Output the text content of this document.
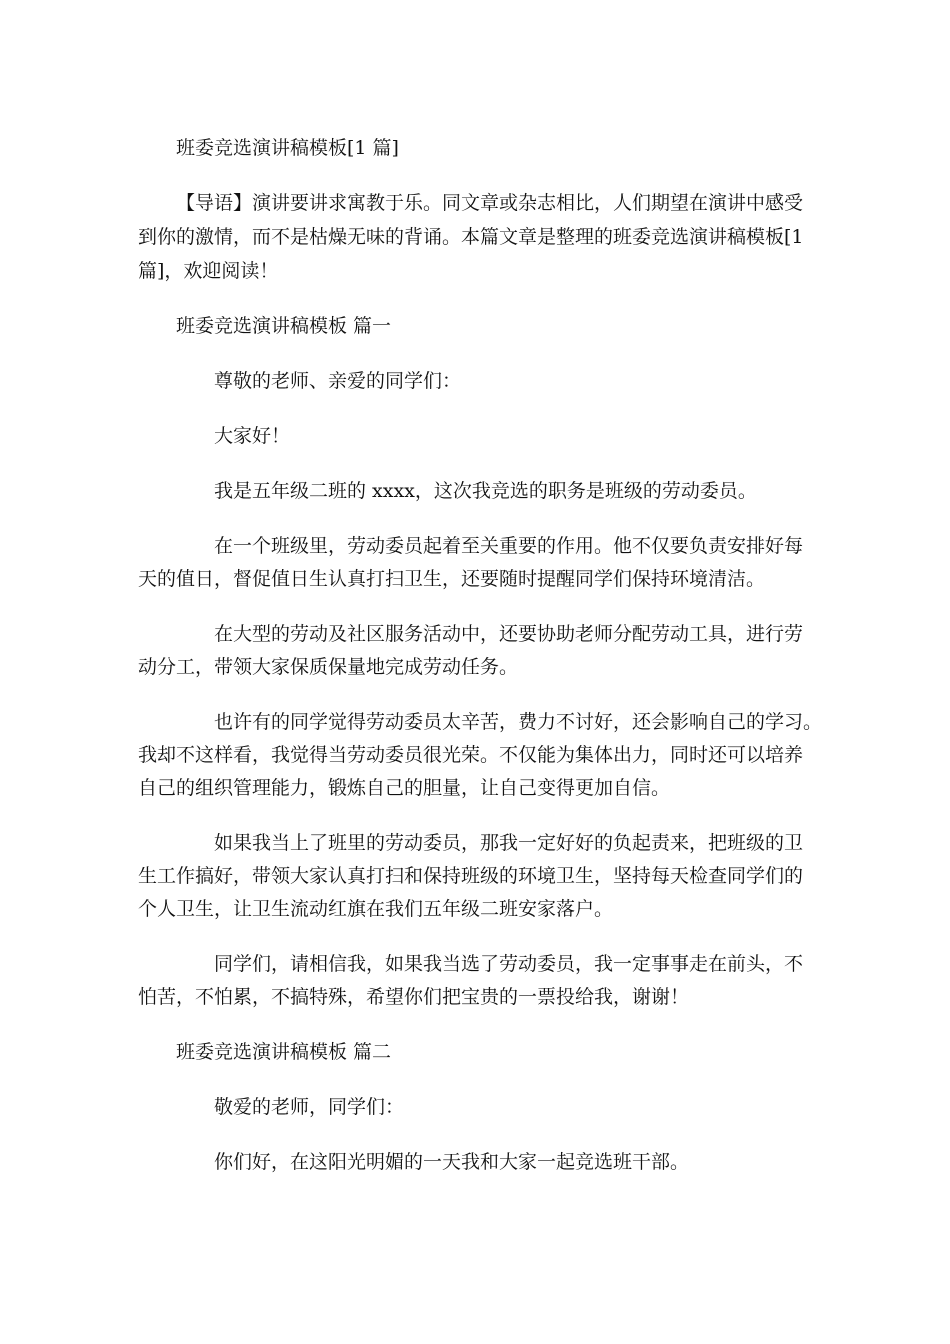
班委竞选演讲稿模板[1 篇]

【导语】演讲要讲求寓教于乐。同文章或杂志相比，人们期望在演讲中感受

到你的激情，而不是枯燥无味的背诵。本篇文章是整理的班委竞选演讲稿模板[1

篇]，欢迎阅读！

班委竞选演讲稿模板 篇一

尊敬的老师、亲爱的同学们：

大家好！

我是五年级二班的 xxxx，这次我竞选的职务是班级的劳动委员。

在一个班级里，劳动委员起着至关重要的作用。他不仅要负责安排好每

天的值日，督促值日生认真打扫卫生，还要随时提醒同学们保持环境清洁。

在大型的劳动及社区服务活动中，还要协助老师分配劳动工具，进行劳

动分工，带领大家保质保量地完成劳动任务。

也许有的同学觉得劳动委员太辛苦，费力不讨好，还会影响自己的学习。

我却不这样看，我觉得当劳动委员很光荣。不仅能为集体出力，同时还可以培养

自己的组织管理能力，锻炼自己的胆量，让自己变得更加自信。

如果我当上了班里的劳动委员，那我一定好好的负起责来，把班级的卫

生工作搞好，带领大家认真打扫和保持班级的环境卫生，坚持每天检查同学们的

个人卫生，让卫生流动红旗在我们五年级二班安家落户。

同学们，请相信我，如果我当选了劳动委员，我一定事事走在前头，不

怕苦，不怕累，不搞特殊，希望你们把宝贵的一票投给我，谢谢！

班委竞选演讲稿模板 篇二

敬爱的老师，同学们：

你们好，在这阳光明媚的一天我和大家一起竞选班干部。
